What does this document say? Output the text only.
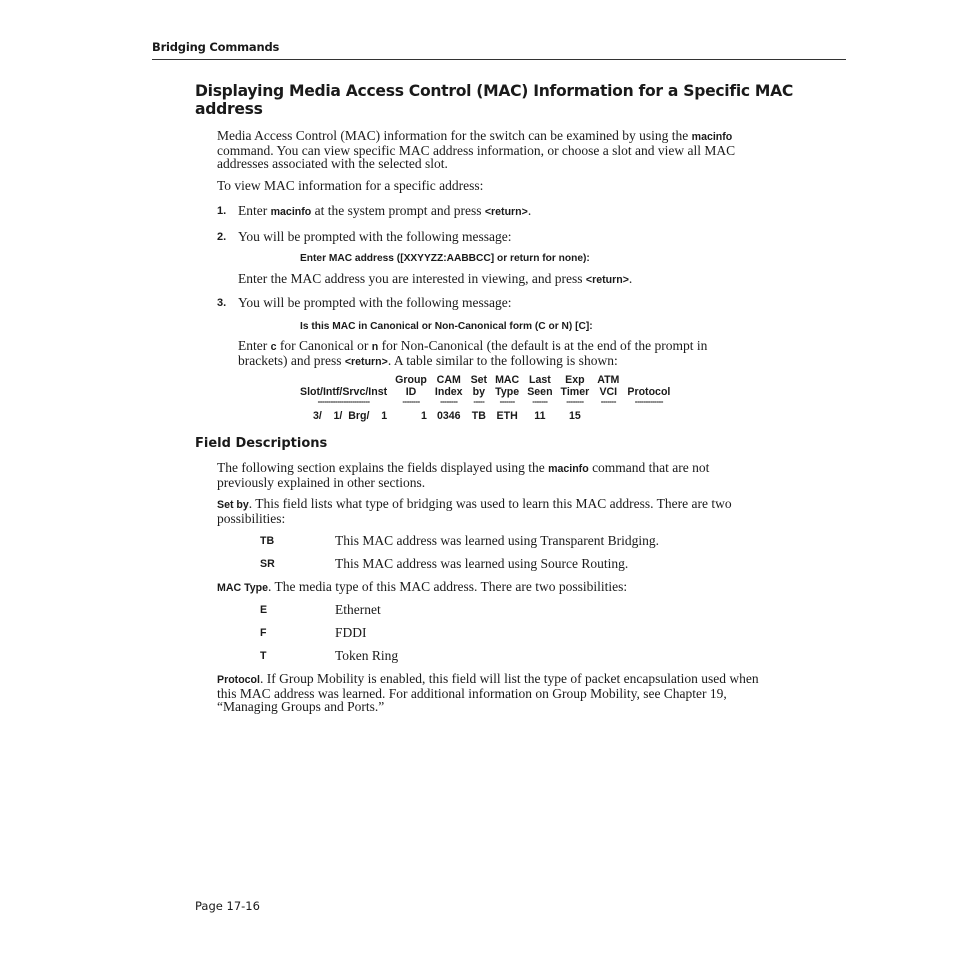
Bridging Commands
Displaying Media Access Control (MAC) Information for a Specific MAC address
Media Access Control (MAC) information for the switch can be examined by using the macinfo command. You can view specific MAC address information, or choose a slot and view all MAC addresses associated with the selected slot.
To view MAC information for a specific address:
1. Enter macinfo at the system prompt and press <return>.
2. You will be prompted with the following message:
Enter MAC address ([XXYYZZ:AABBCC] or return for none):
Enter the MAC address you are interested in viewing, and press <return>.
3. You will be prompted with the following message:
Is this MAC in Canonical or Non-Canonical form (C or N) [C]:
Enter c for Canonical or n for Non-Canonical (the default is at the end of the prompt in brackets) and press <return>. A table similar to the following is shown:
	Group	CAM	Set	MAC	Last	Exp	ATM	
Slot/Intf/Srvc/Inst	ID	Index	by	Type	Seen	Timer	VCI	Protocol
------------------------	--------	--------	-----	-------	-------	--------	-------	-------------
3/    1/  Brg/    1	1	0346	TB	ETH	11	15		
Field Descriptions
The following section explains the fields displayed using the macinfo command that are not previously explained in other sections.
Set by. This field lists what type of bridging was used to learn this MAC address. There are two possibilities:
TB	This MAC address was learned using Transparent Bridging.
SR	This MAC address was learned using Source Routing.
MAC Type. The media type of this MAC address. There are two possibilities:
E	Ethernet
F	FDDI
T	Token Ring
Protocol. If Group Mobility is enabled, this field will list the type of packet encapsulation used when this MAC address was learned. For additional information on Group Mobility, see Chapter 19, “Managing Groups and Ports.”
Page 17-16
